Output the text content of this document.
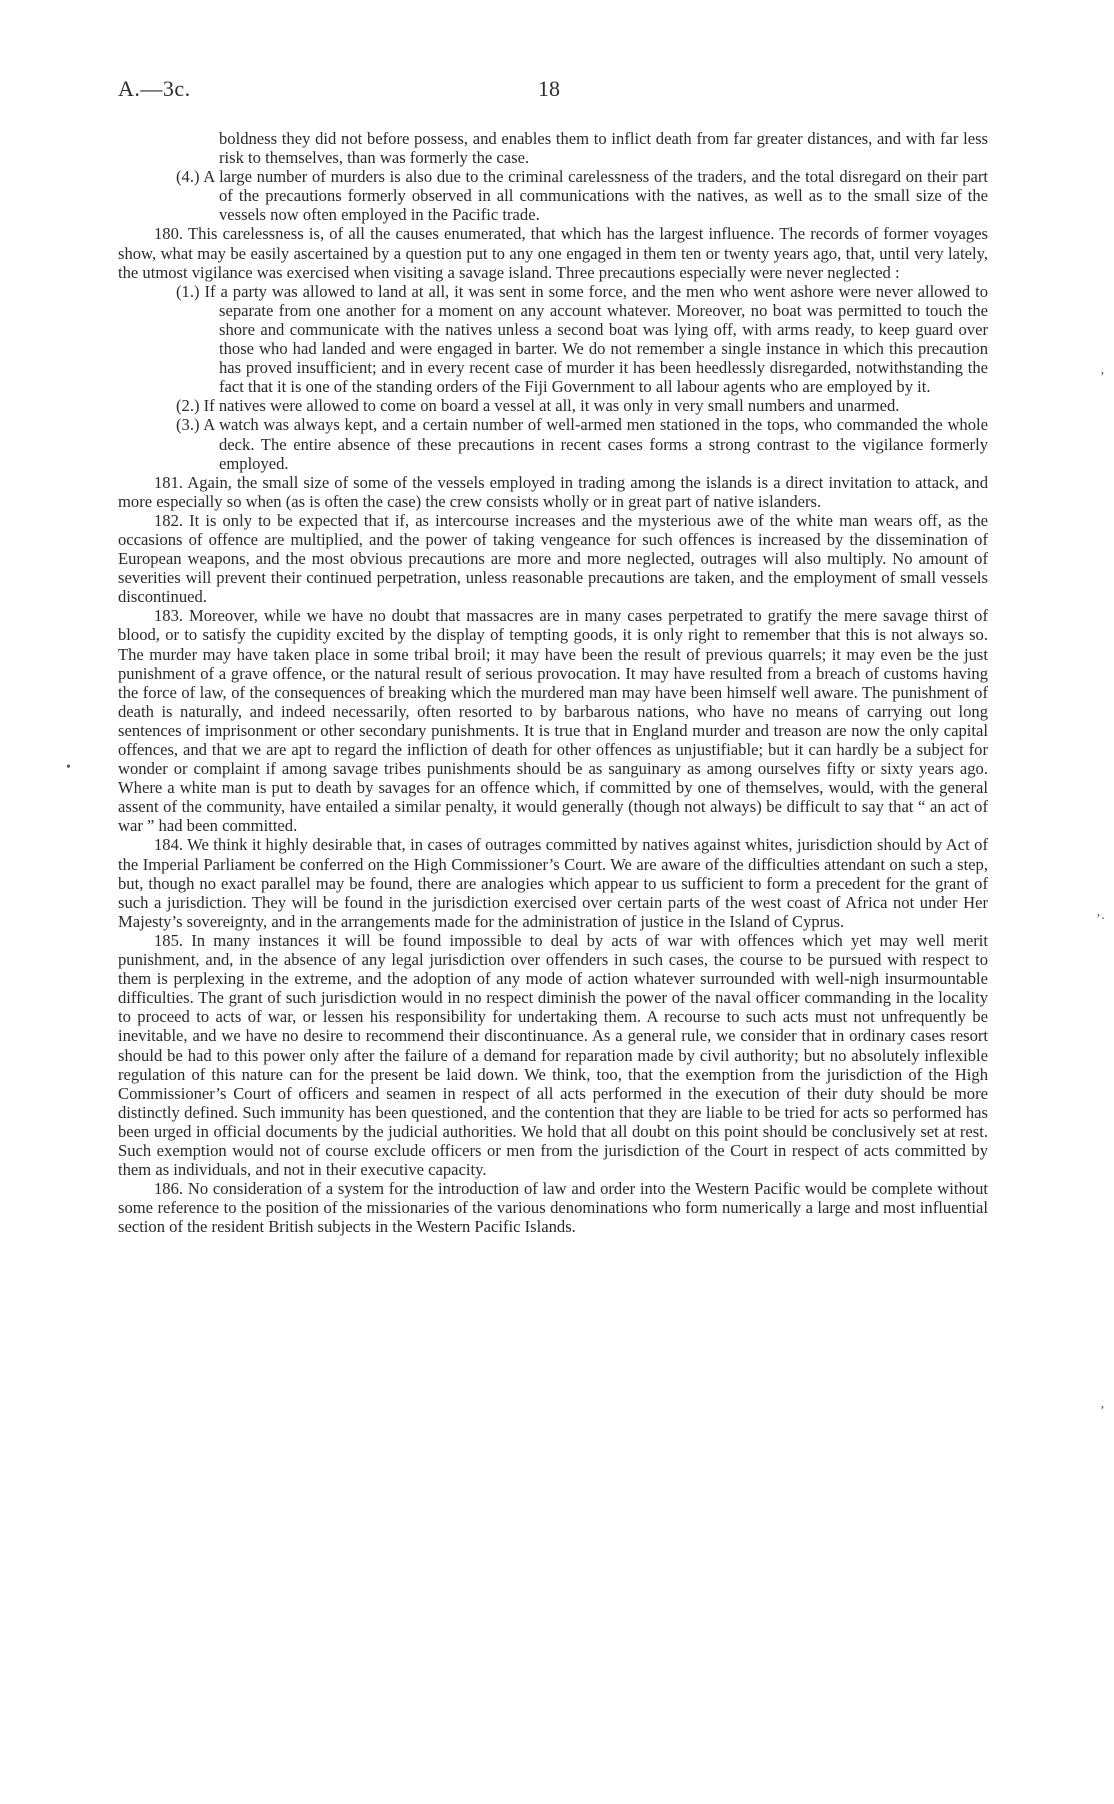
A.—3c.	18

boldness they did not before possess, and enables them to inflict death from far greater distances, and with far less risk to themselves, than was formerly the case.

(4.) A large number of murders is also due to the criminal carelessness of the traders, and the total disregard on their part of the precautions formerly observed in all communications with the natives, as well as to the small size of the vessels now often employed in the Pacific trade.

180. This carelessness is, of all the causes enumerated, that which has the largest influence. The records of former voyages show, what may be easily ascertained by a question put to any one engaged in them ten or twenty years ago, that, until very lately, the utmost vigilance was exercised when visiting a savage island. Three precautions especially were never neglected :

(1.) If a party was allowed to land at all, it was sent in some force, and the men who went ashore were never allowed to separate from one another for a moment on any account whatever. Moreover, no boat was permitted to touch the shore and communicate with the natives unless a second boat was lying off, with arms ready, to keep guard over those who had landed and were engaged in barter. We do not remember a single instance in which this precaution has proved insufficient; and in every recent case of murder it has been heedlessly disregarded, notwithstanding the fact that it is one of the standing orders of the Fiji Government to all labour agents who are employed by it.

(2.) If natives were allowed to come on board a vessel at all, it was only in very small numbers and unarmed.

(3.) A watch was always kept, and a certain number of well-armed men stationed in the tops, who commanded the whole deck. The entire absence of these precautions in recent cases forms a strong contrast to the vigilance formerly employed.

181. Again, the small size of some of the vessels employed in trading among the islands is a direct invitation to attack, and more especially so when (as is often the case) the crew consists wholly or in great part of native islanders.

182. It is only to be expected that if, as intercourse increases and the mysterious awe of the white man wears off, as the occasions of offence are multiplied, and the power of taking vengeance for such offences is increased by the dissemination of European weapons, and the most obvious precautions are more and more neglected, outrages will also multiply. No amount of severities will prevent their continued perpetration, unless reasonable precautions are taken, and the employment of small vessels discontinued.

183. Moreover, while we have no doubt that massacres are in many cases perpetrated to gratify the mere savage thirst of blood, or to satisfy the cupidity excited by the display of tempting goods, it is only right to remember that this is not always so. The murder may have taken place in some tribal broil; it may have been the result of previous quarrels; it may even be the just punishment of a grave offence, or the natural result of serious provocation. It may have resulted from a breach of customs having the force of law, of the consequences of breaking which the murdered man may have been himself well aware. The punishment of death is naturally, and indeed necessarily, often resorted to by barbarous nations, who have no means of carrying out long sentences of imprisonment or other secondary punishments. It is true that in England murder and treason are now the only capital offences, and that we are apt to regard the infliction of death for other offences as unjustifiable; but it can hardly be a subject for wonder or complaint if among savage tribes punishments should be as sanguinary as among ourselves fifty or sixty years ago. Where a white man is put to death by savages for an offence which, if committed by one of themselves, would, with the general assent of the community, have entailed a similar penalty, it would generally (though not always) be difficult to say that “ an act of war ” had been committed.

184. We think it highly desirable that, in cases of outrages committed by natives against whites, jurisdiction should by Act of the Imperial Parliament be conferred on the High Commissioner’s Court. We are aware of the difficulties attendant on such a step, but, though no exact parallel may be found, there are analogies which appear to us sufficient to form a precedent for the grant of such a jurisdiction. They will be found in the jurisdiction exercised over certain parts of the west coast of Africa not under Her Majesty’s sovereignty, and in the arrangements made for the administration of justice in the Island of Cyprus.

185. In many instances it will be found impossible to deal by acts of war with offences which yet may well merit punishment, and, in the absence of any legal jurisdiction over offenders in such cases, the course to be pursued with respect to them is perplexing in the extreme, and the adoption of any mode of action whatever surrounded with well-nigh insurmountable difficulties. The grant of such jurisdiction would in no respect diminish the power of the naval officer commanding in the locality to proceed to acts of war, or lessen his responsibility for undertaking them. A recourse to such acts must not unfrequently be inevitable, and we have no desire to recommend their discontinuance. As a general rule, we consider that in ordinary cases resort should be had to this power only after the failure of a demand for reparation made by civil authority; but no absolutely inflexible regulation of this nature can for the present be laid down. We think, too, that the exemption from the jurisdiction of the High Commissioner’s Court of officers and seamen in respect of all acts performed in the execution of their duty should be more distinctly defined. Such immunity has been questioned, and the contention that they are liable to be tried for acts so performed has been urged in official documents by the judicial authorities. We hold that all doubt on this point should be conclusively set at rest. Such exemption would not of course exclude officers or men from the jurisdiction of the Court in respect of acts committed by them as individuals, and not in their executive capacity.

186. No consideration of a system for the introduction of law and order into the Western Pacific would be complete without some reference to the position of the missionaries of the various denominations who form numerically a large and most influential section of the resident British subjects in the Western Pacific Islands.

’
•
’·
’
